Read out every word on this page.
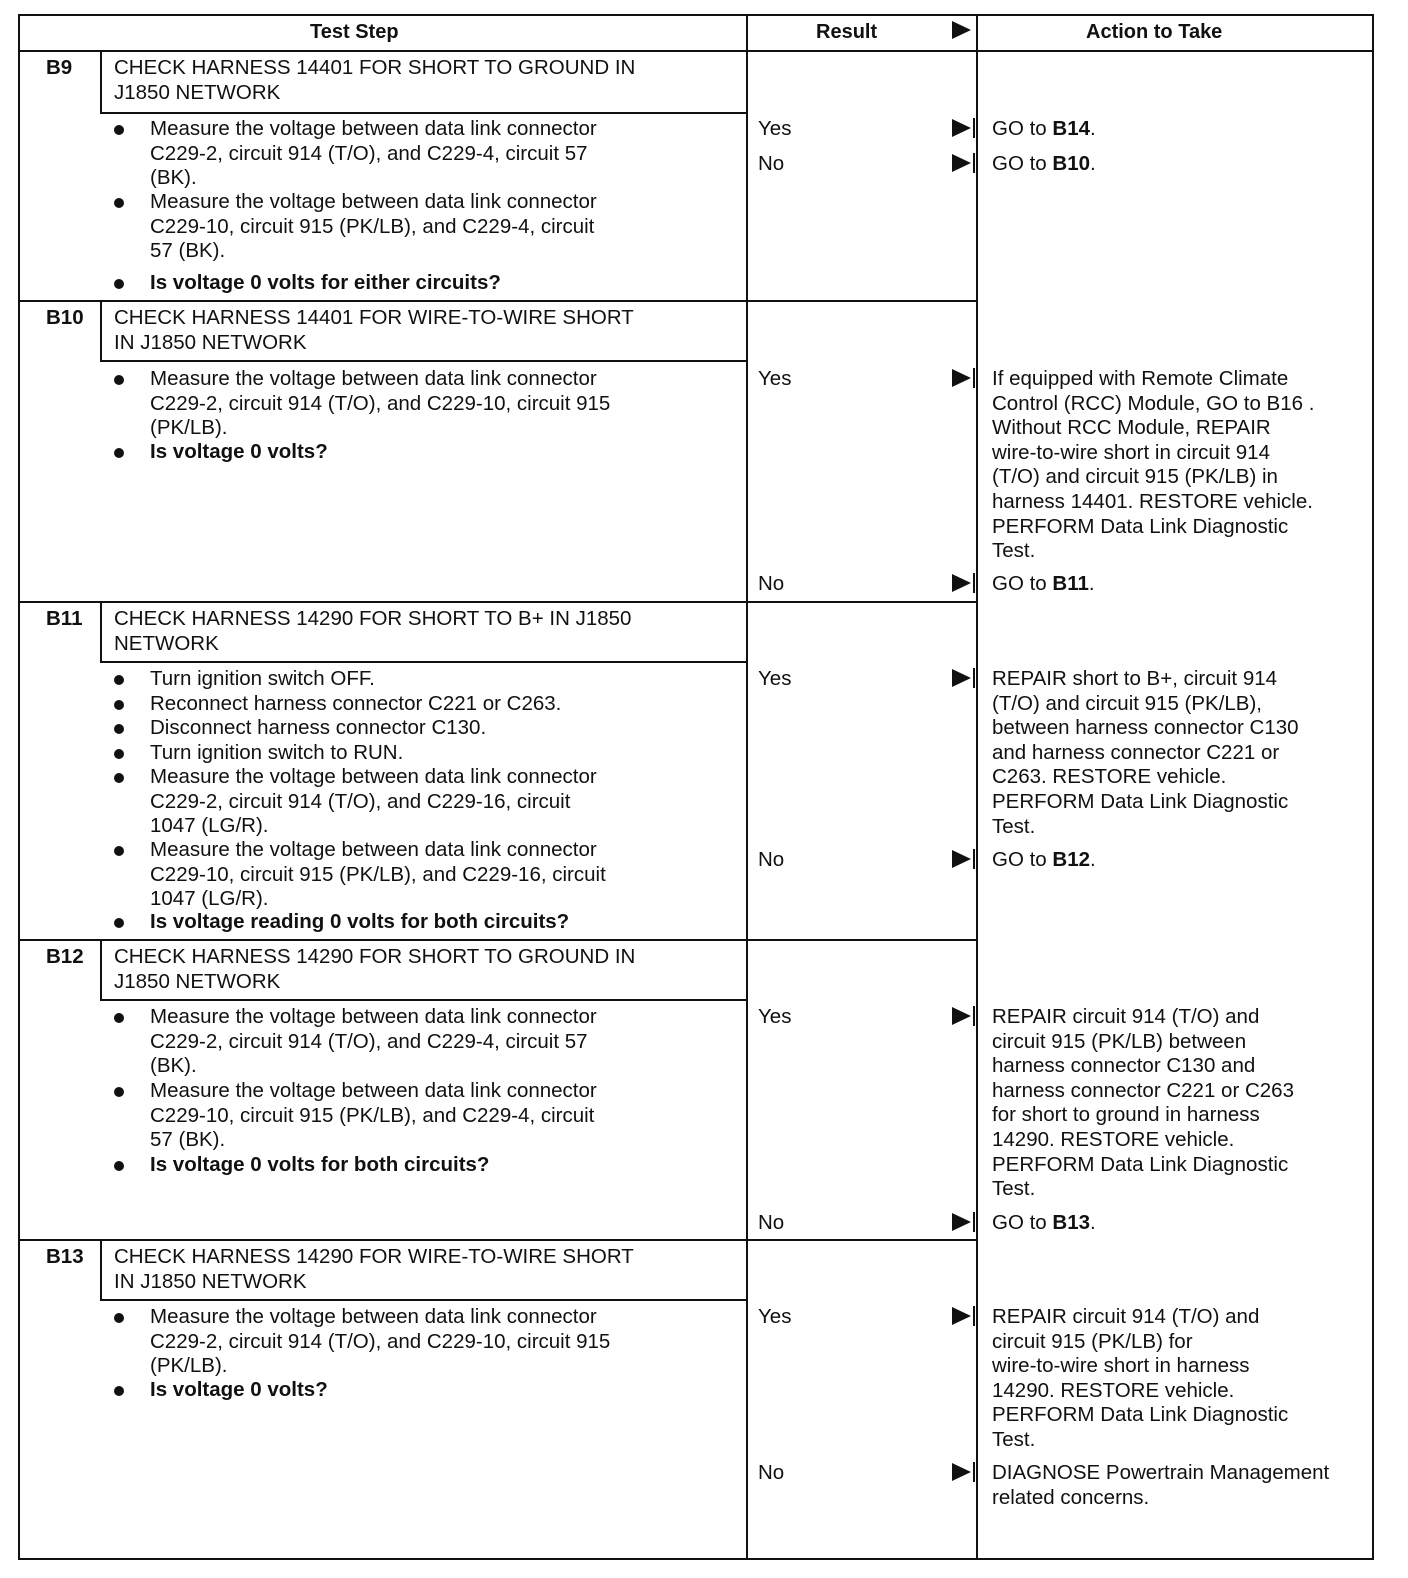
Test Step	Result	Action to Take
B9 CHECK HARNESS 14401 FOR SHORT TO GROUND IN
J1850 NETWORK
Measure the voltage between data link connector
C229-2, circuit 914 (T/O), and C229-4, circuit 57
(BK).
Measure the voltage between data link connector
C229-10, circuit 915 (PK/LB), and C229-4, circuit
57 (BK).
Is voltage 0 volts for either circuits?
Yes	GO to B14.
No	GO to B10.
B10 CHECK HARNESS 14401 FOR WIRE-TO-WIRE SHORT
IN J1850 NETWORK
Measure the voltage between data link connector
C229-2, circuit 914 (T/O), and C229-10, circuit 915
(PK/LB).
Is voltage 0 volts?
Yes	If equipped with Remote Climate
Control (RCC) Module, GO to B16 .
Without RCC Module, REPAIR
wire-to-wire short in circuit 914
(T/O) and circuit 915 (PK/LB) in
harness 14401. RESTORE vehicle.
PERFORM Data Link Diagnostic
Test.
No	GO to B11.
B11 CHECK HARNESS 14290 FOR SHORT TO B+ IN J1850
NETWORK
Turn ignition switch OFF.
Reconnect harness connector C221 or C263.
Disconnect harness connector C130.
Turn ignition switch to RUN.
Measure the voltage between data link connector
C229-2, circuit 914 (T/O), and C229-16, circuit
1047 (LG/R).
Measure the voltage between data link connector
C229-10, circuit 915 (PK/LB), and C229-16, circuit
1047 (LG/R).
Is voltage reading 0 volts for both circuits?
Yes	REPAIR short to B+, circuit 914
(T/O) and circuit 915 (PK/LB),
between harness connector C130
and harness connector C221 or
C263. RESTORE vehicle.
PERFORM Data Link Diagnostic
Test.
No	GO to B12.
B12 CHECK HARNESS 14290 FOR SHORT TO GROUND IN
J1850 NETWORK
Measure the voltage between data link connector
C229-2, circuit 914 (T/O), and C229-4, circuit 57
(BK).
Measure the voltage between data link connector
C229-10, circuit 915 (PK/LB), and C229-4, circuit
57 (BK).
Is voltage 0 volts for both circuits?
Yes	REPAIR circuit 914 (T/O) and
circuit 915 (PK/LB) between
harness connector C130 and
harness connector C221 or C263
for short to ground in harness
14290. RESTORE vehicle.
PERFORM Data Link Diagnostic
Test.
No	GO to B13.
B13 CHECK HARNESS 14290 FOR WIRE-TO-WIRE SHORT
IN J1850 NETWORK
Measure the voltage between data link connector
C229-2, circuit 914 (T/O), and C229-10, circuit 915
(PK/LB).
Is voltage 0 volts?
Yes	REPAIR circuit 914 (T/O) and
circuit 915 (PK/LB) for
wire-to-wire short in harness
14290. RESTORE vehicle.
PERFORM Data Link Diagnostic
Test.
No	DIAGNOSE Powertrain Management
related concerns.
